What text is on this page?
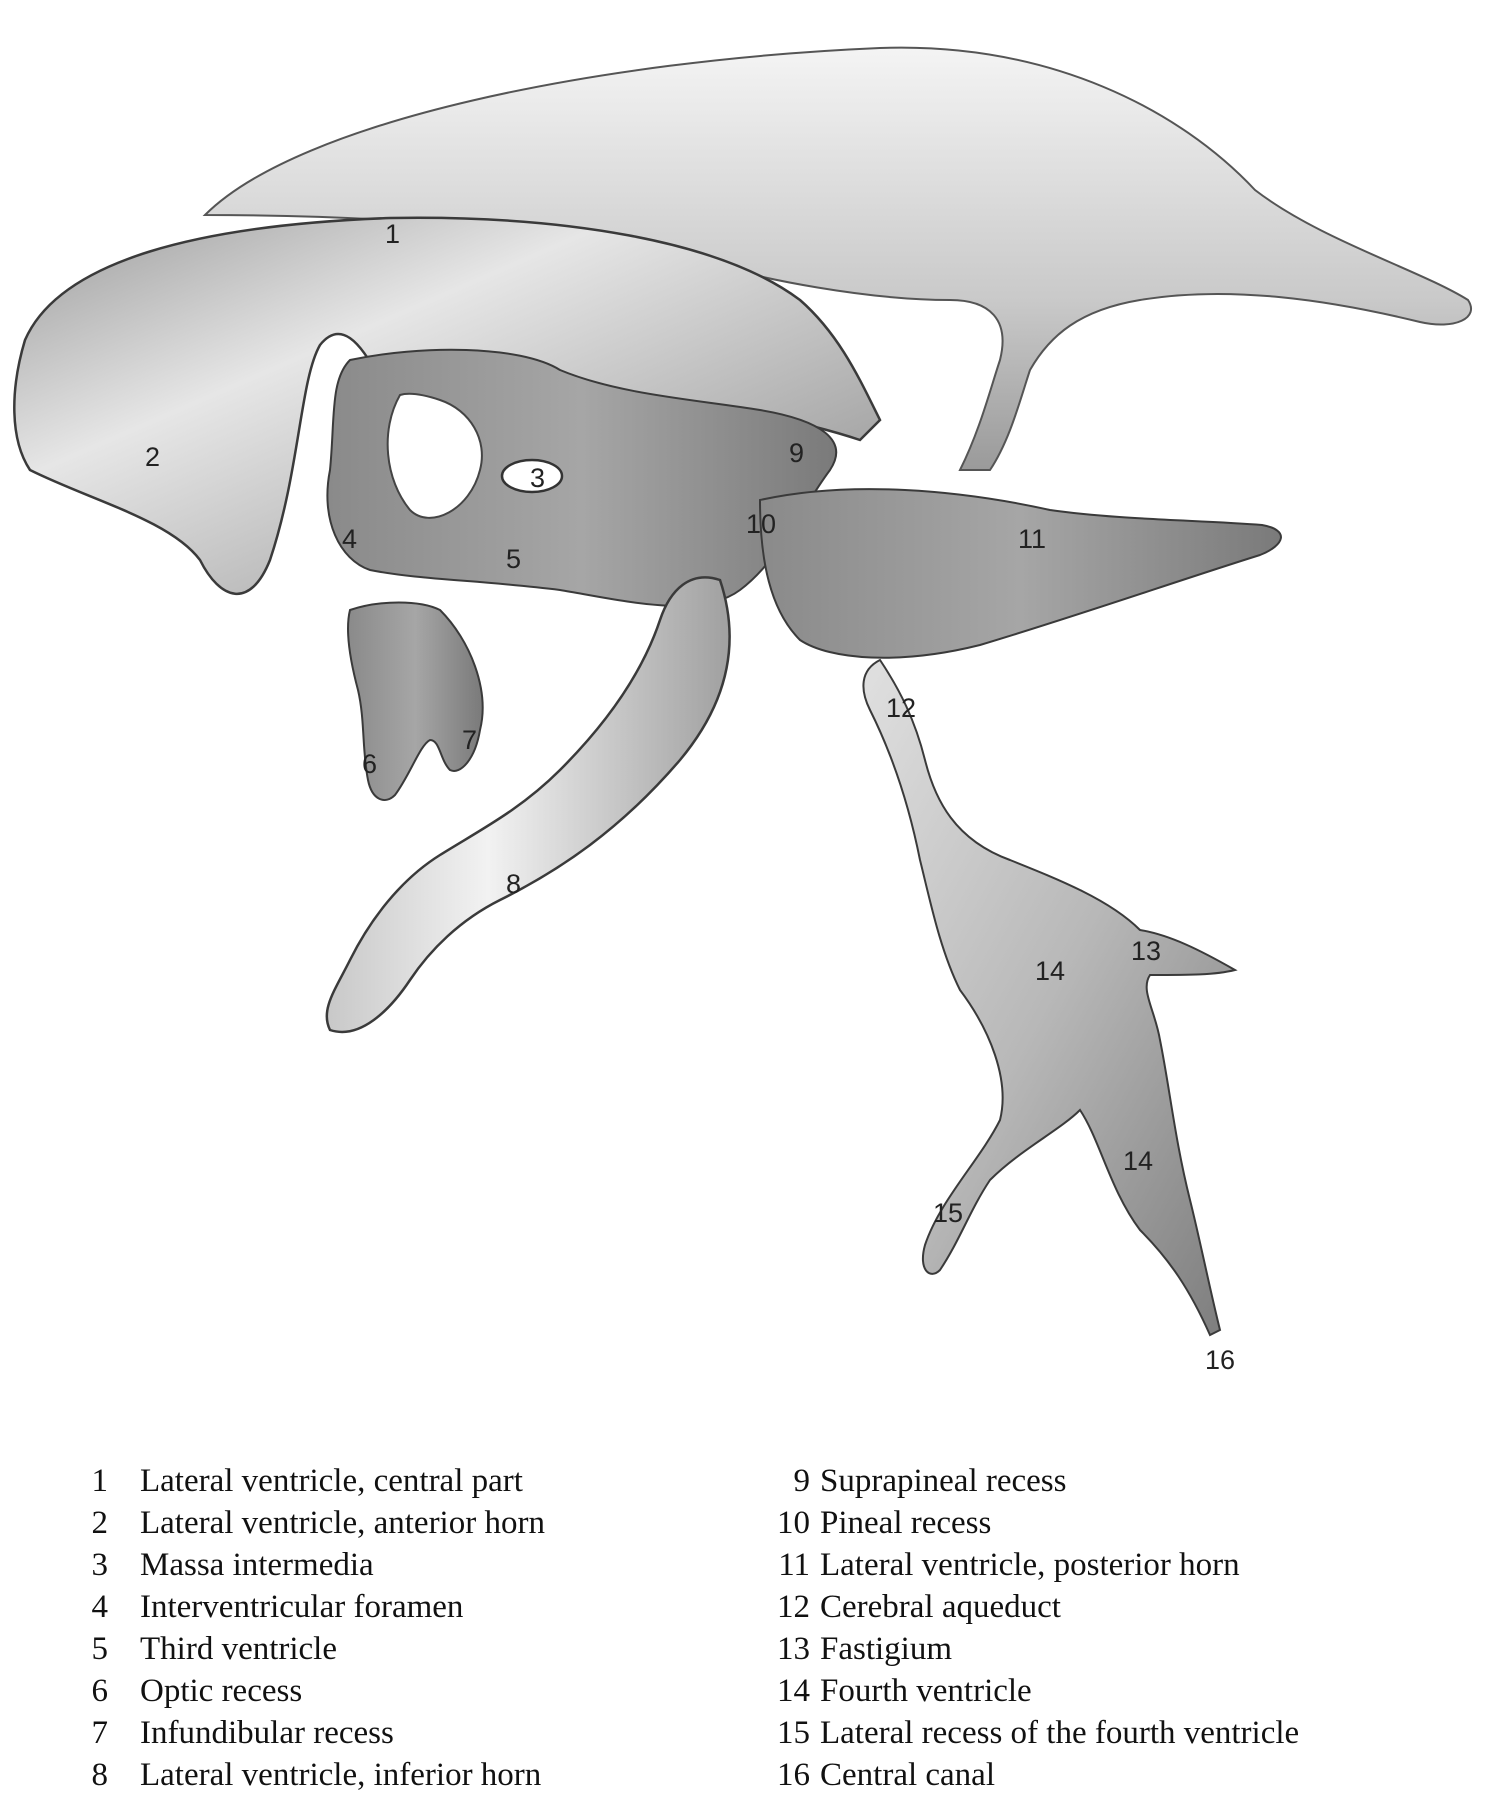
1
2
3
4
5
6
7
8
9
10	11
12
13
14
14
15
16
1 Lateral ventricle, central part
2 Lateral ventricle, anterior horn
3 Massa intermedia
4 Interventricular foramen
5 Third ventricle
6 Optic recess
7 Infundibular recess
8 Lateral ventricle, inferior horn
9 Suprapineal recess
10 Pineal recess
11 Lateral ventricle, posterior horn
12 Cerebral aqueduct
13 Fastigium
14 Fourth ventricle
15 Lateral recess of the fourth ventricle
16 Central canal
